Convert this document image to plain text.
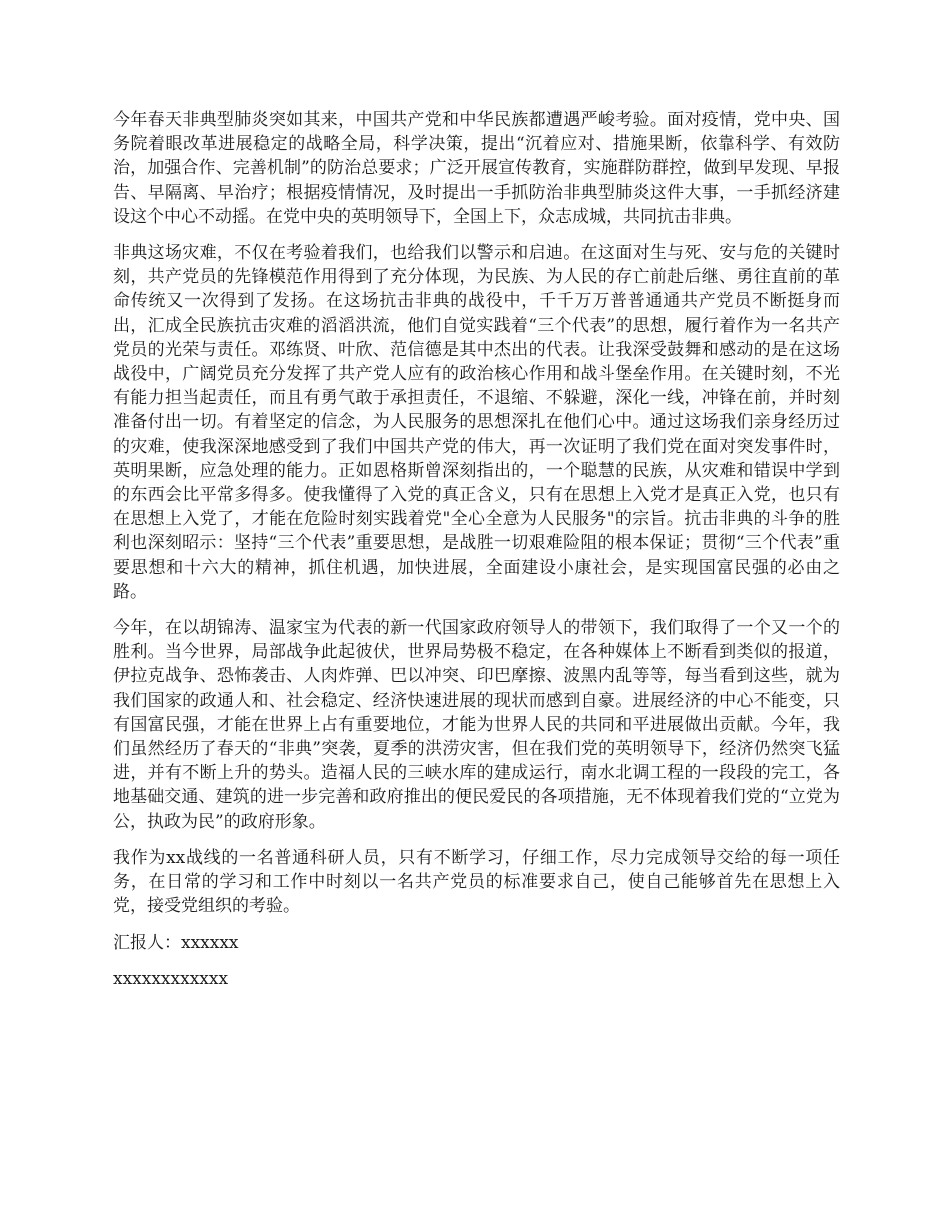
今年春天非典型肺炎突如其来，中国共产党和中华民族都遭遇严峻考验。面对疫情，党中央、国务院着眼改革进展稳定的战略全局，科学决策，提出“沉着应对、措施果断，依靠科学、有效防治，加强合作、完善机制”的防治总要求；广泛开展宣传教育，实施群防群控，做到早发现、早报告、早隔离、早治疗；根据疫情情况，及时提出一手抓防治非典型肺炎这件大事，一手抓经济建设这个中心不动摇。在党中央的英明领导下，全国上下，众志成城，共同抗击非典。

非典这场灾难，不仅在考验着我们，也给我们以警示和启迪。在这面对生与死、安与危的关键时刻，共产党员的先锋模范作用得到了充分体现，为民族、为人民的存亡前赴后继、勇往直前的革命传统又一次得到了发扬。在这场抗击非典的战役中，千千万万普普通通共产党员不断挺身而出，汇成全民族抗击灾难的滔滔洪流，他们自觉实践着“三个代表”的思想，履行着作为一名共产党员的光荣与责任。邓练贤、叶欣、范信德是其中杰出的代表。让我深受鼓舞和感动的是在这场战役中，广阔党员充分发挥了共产党人应有的政治核心作用和战斗堡垒作用。在关键时刻，不光有能力担当起责任，而且有勇气敢于承担责任，不退缩、不躲避，深化一线，冲锋在前，并时刻准备付出一切。有着坚定的信念，为人民服务的思想深扎在他们心中。通过这场我们亲身经历过的灾难，使我深深地感受到了我们中国共产党的伟大，再一次证明了我们党在面对突发事件时，英明果断，应急处理的能力。正如恩格斯曾深刻指出的，一个聪慧的民族，从灾难和错误中学到的东西会比平常多得多。使我懂得了入党的真正含义，只有在思想上入党才是真正入党，也只有在思想上入党了，才能在危险时刻实践着党"全心全意为人民服务"的宗旨。抗击非典的斗争的胜利也深刻昭示：坚持“三个代表”重要思想，是战胜一切艰难险阻的根本保证；贯彻“三个代表”重要思想和十六大的精神，抓住机遇，加快进展，全面建设小康社会，是实现国富民强的必由之路。

今年，在以胡锦涛、温家宝为代表的新一代国家政府领导人的带领下，我们取得了一个又一个的胜利。当今世界，局部战争此起彼伏，世界局势极不稳定，在各种媒体上不断看到类似的报道，伊拉克战争、恐怖袭击、人肉炸弹、巴以冲突、印巴摩擦、波黑内乱等等，每当看到这些，就为我们国家的政通人和、社会稳定、经济快速进展的现状而感到自豪。进展经济的中心不能变，只有国富民强，才能在世界上占有重要地位，才能为世界人民的共同和平进展做出贡献。今年，我们虽然经历了春天的“非典”突袭，夏季的洪涝灾害，但在我们党的英明领导下，经济仍然突飞猛进，并有不断上升的势头。造福人民的三峡水库的建成运行，南水北调工程的一段段的完工，各地基础交通、建筑的进一步完善和政府推出的便民爱民的各项措施，无不体现着我们党的“立党为公，执政为民”的政府形象。

我作为xx战线的一名普通科研人员，只有不断学习，仔细工作，尽力完成领导交给的每一项任务，在日常的学习和工作中时刻以一名共产党员的标准要求自己，使自己能够首先在思想上入党，接受党组织的考验。

汇报人：xxxxxx

xxxxxxxxxxxx
